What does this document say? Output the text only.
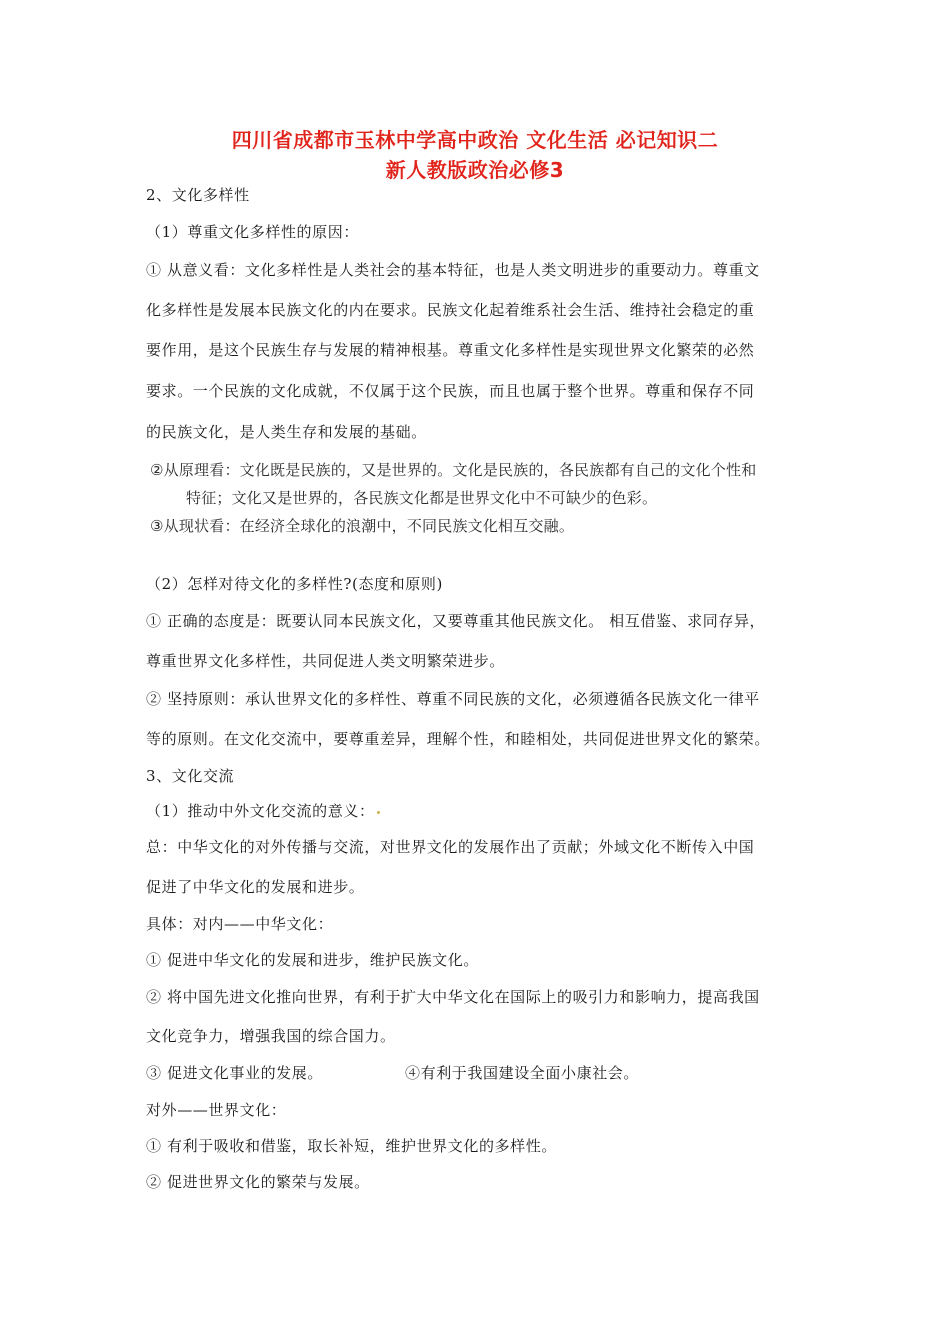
四川省成都市玉林中学高中政治 文化生活 必记知识二
新人教版政治必修3
2、文化多样性
（1）尊重文化多样性的原因：
① 从意义看：文化多样性是人类社会的基本特征，也是人类文明进步的重要动力。尊重文
化多样性是发展本民族文化的内在要求。民族文化起着维系社会生活、维持社会稳定的重
要作用，是这个民族生存与发展的精神根基。尊重文化多样性是实现世界文化繁荣的必然
要求。一个民族的文化成就，不仅属于这个民族，而且也属于整个世界。尊重和保存不同
的民族文化，是人类生存和发展的基础。
②从原理看：文化既是民族的，又是世界的。文化是民族的，各民族都有自己的文化个性和
特征；文化又是世界的，各民族文化都是世界文化中不可缺少的色彩。
③从现状看：在经济全球化的浪潮中，不同民族文化相互交融。
（2）怎样对待文化的多样性?(态度和原则)
① 正确的态度是：既要认同本民族文化，又要尊重其他民族文化。 相互借鉴、求同存异，
尊重世界文化多样性，共同促进人类文明繁荣进步。
② 坚持原则：承认世界文化的多样性、尊重不同民族的文化，必须遵循各民族文化一律平
等的原则。在文化交流中，要尊重差异，理解个性，和睦相处，共同促进世界文化的繁荣。
3、文化交流
（1）推动中外文化交流的意义：
总：中华文化的对外传播与交流，对世界文化的发展作出了贡献；外域文化不断传入中国
促进了中华文化的发展和进步。
具体：对内——中华文化：
① 促进中华文化的发展和进步，维护民族文化。
② 将中国先进文化推向世界，有利于扩大中华文化在国际上的吸引力和影响力，提高我国
文化竞争力，增强我国的综合国力。
③ 促进文化事业的发展。	④有利于我国建设全面小康社会。
对外——世界文化：
① 有利于吸收和借鉴，取长补短，维护世界文化的多样性。
② 促进世界文化的繁荣与发展。
